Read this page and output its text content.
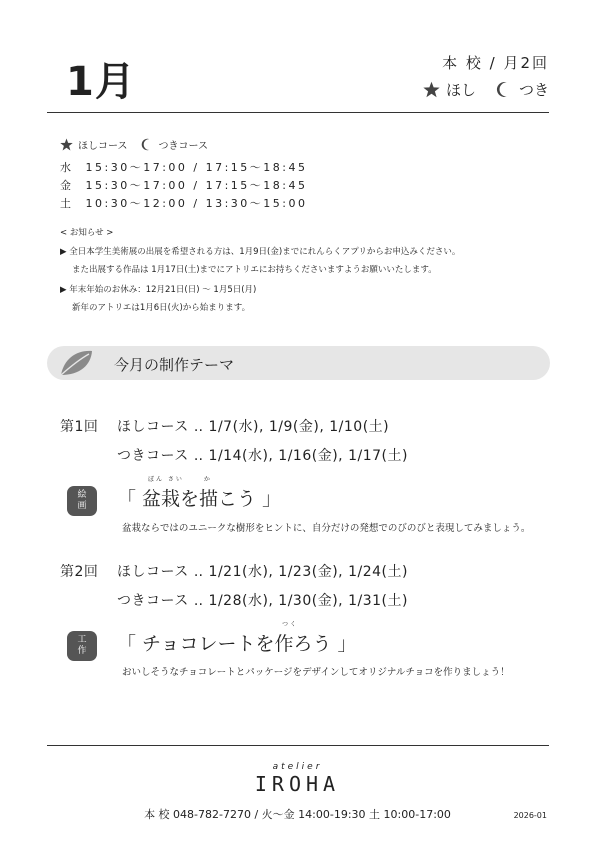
1月	本 校 / 月2回
ほし	つき
ほしコース	つきコース
水 15:30〜17:00 / 17:15〜18:45
金 15:30〜17:00 / 17:15〜18:45
土 10:30〜12:00 / 13:30〜15:00
< お知らせ >
▶ 全日本学生美術展の出展を希望される方は、1月9日(金)までにれんらくアプリからお申込みください。
また出展する作品は 1月17日(土)までにアトリエにお持ちくださいますようお願いいたします。
▶ 年末年始のお休み：12月21日(日) 〜 1月5日(月)
新年のアトリエは1月6日(火)から始まります。
今月の制作テーマ
第1回 ほしコース ‥ 1/7(水), 1/9(金), 1/10(土)
つきコース ‥ 1/14(水), 1/16(金), 1/17(土)
絵
画
ぼん さい　　 か
「 盆栽を描こう 」
盆栽ならではのユニークな樹形をヒントに、自分だけの発想でのびのびと表現してみましょう。
第2回 ほしコース ‥ 1/21(水), 1/23(金), 1/24(土)
つきコース ‥ 1/28(水), 1/30(金), 1/31(土)
工
作
つく
「 チョコレートを作ろう 」
おいしそうなチョコレートとパッケージをデザインしてオリジナルチョコを作りましょう！
atelier
IROHA
本 校 048-782-7270 / 火〜金 14:00-19:30 土 10:00-17:00	2026-01
